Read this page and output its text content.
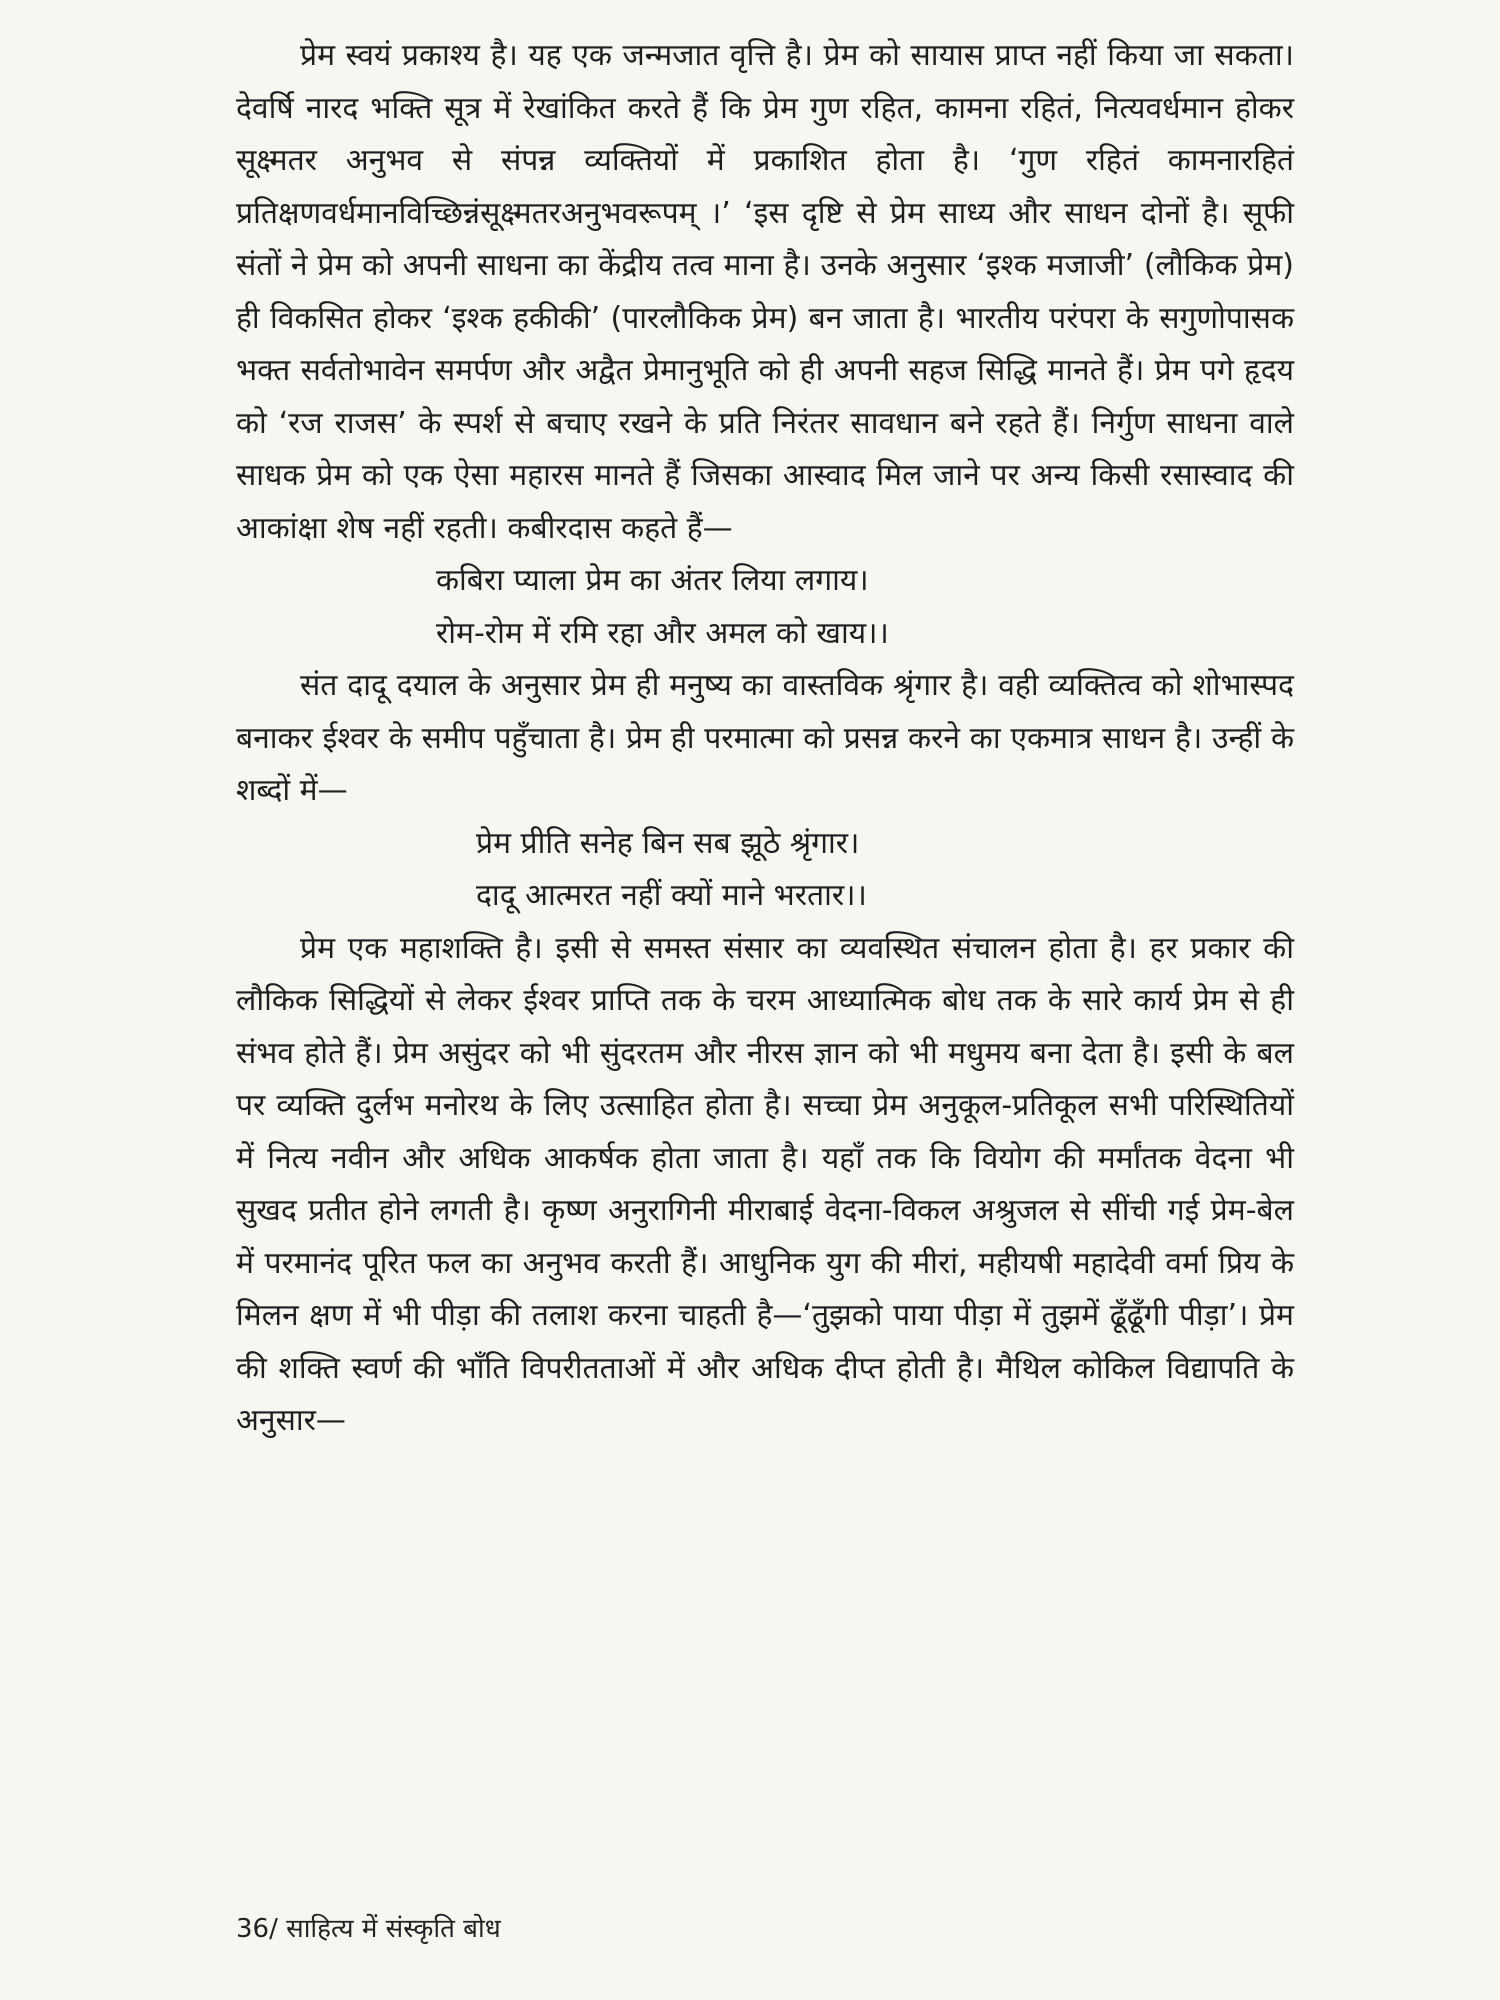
प्रेम स्वयं प्रकाश्य है। यह एक जन्मजात वृत्ति है। प्रेम को सायास प्राप्त नहीं किया जा सकता। देवर्षि नारद भक्ति सूत्र में रेखांकित करते हैं कि प्रेम गुण रहित, कामना रहितं, नित्यवर्धमान होकर सूक्ष्मतर अनुभव से संपन्न व्यक्तियों में प्रकाशित होता है। ‘गुण रहितं कामनारहितं प्रतिक्षणवर्धमानविच्छिन्नंसूक्ष्मतरअनुभवरूपम् ।’ ‘इस दृष्टि से प्रेम साध्य और साधन दोनों है। सूफी संतों ने प्रेम को अपनी साधना का केंद्रीय तत्व माना है। उनके अनुसार ‘इश्क मजाजी’ (लौकिक प्रेम) ही विकसित होकर ‘इश्क हकीकी’ (पारलौकिक प्रेम) बन जाता है। भारतीय परंपरा के सगुणोपासक भक्त सर्वतोभावेन समर्पण और अद्वैत प्रेमानुभूति को ही अपनी सहज सिद्धि मानते हैं। प्रेम पगे हृदय को ‘रज राजस’ के स्पर्श से बचाए रखने के प्रति निरंतर सावधान बने रहते हैं। निर्गुण साधना वाले साधक प्रेम को एक ऐसा महारस मानते हैं जिसका आस्वाद मिल जाने पर अन्य किसी रसास्वाद की आकांक्षा शेष नहीं रहती। कबीरदास कहते हैं—

कबिरा प्याला प्रेम का अंतर लिया लगाय।
रोम-रोम में रमि रहा और अमल को खाय।।

संत दादू दयाल के अनुसार प्रेम ही मनुष्य का वास्तविक श्रृंगार है। वही व्यक्तित्व को शोभास्पद बनाकर ईश्वर के समीप पहुँचाता है। प्रेम ही परमात्मा को प्रसन्न करने का एकमात्र साधन है। उन्हीं के शब्दों में—

प्रेम प्रीति सनेह बिन सब झूठे श्रृंगार।
दादू आत्मरत नहीं क्यों माने भरतार।।

प्रेम एक महाशक्ति है। इसी से समस्त संसार का व्यवस्थित संचालन होता है। हर प्रकार की लौकिक सिद्धियों से लेकर ईश्वर प्राप्ति तक के चरम आध्यात्मिक बोध तक के सारे कार्य प्रेम से ही संभव होते हैं। प्रेम असुंदर को भी सुंदरतम और नीरस ज्ञान को भी मधुमय बना देता है। इसी के बल पर व्यक्ति दुर्लभ मनोरथ के लिए उत्साहित होता है। सच्चा प्रेम अनुकूल-प्रतिकूल सभी परिस्थितियों में नित्य नवीन और अधिक आकर्षक होता जाता है। यहाँ तक कि वियोग की मर्मांतक वेदना भी सुखद प्रतीत होने लगती है। कृष्ण अनुरागिनी मीराबाई वेदना-विकल अश्रुजल से सींची गई प्रेम-बेल में परमानंद पूरित फल का अनुभव करती हैं। आधुनिक युग की मीरां, महीयषी महादेवी वर्मा प्रिय के मिलन क्षण में भी पीड़ा की तलाश करना चाहती है—‘तुझको पाया पीड़ा में तुझमें ढूँढूँगी पीड़ा’। प्रेम की शक्ति स्वर्ण की भाँति विपरीतताओं में और अधिक दीप्त होती है। मैथिल कोकिल विद्यापति के अनुसार—

36/ साहित्य में संस्कृति बोध
